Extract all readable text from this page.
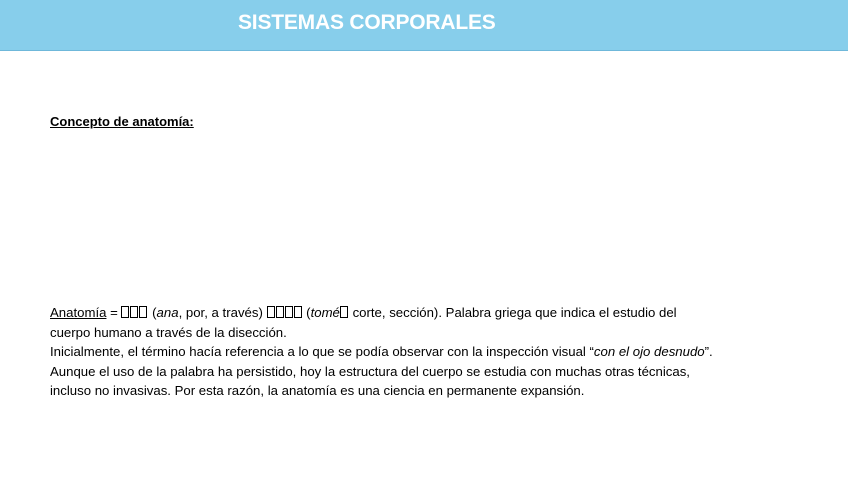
SISTEMAS CORPORALES
Concepto de anatomía:
Anatomía =  (ana, por, a través)	(tomé corte, sección). Palabra griega que indica el estudio del
cuerpo humano a través de la disección.
Inicialmente, el término hacía referencia a lo que se podía observar con la inspección visual “con el ojo desnudo”.
Aunque el uso de la palabra ha persistido, hoy la estructura del cuerpo se estudia con muchas otras técnicas,
incluso no invasivas. Por esta razón, la anatomía es una ciencia en permanente expansión.
